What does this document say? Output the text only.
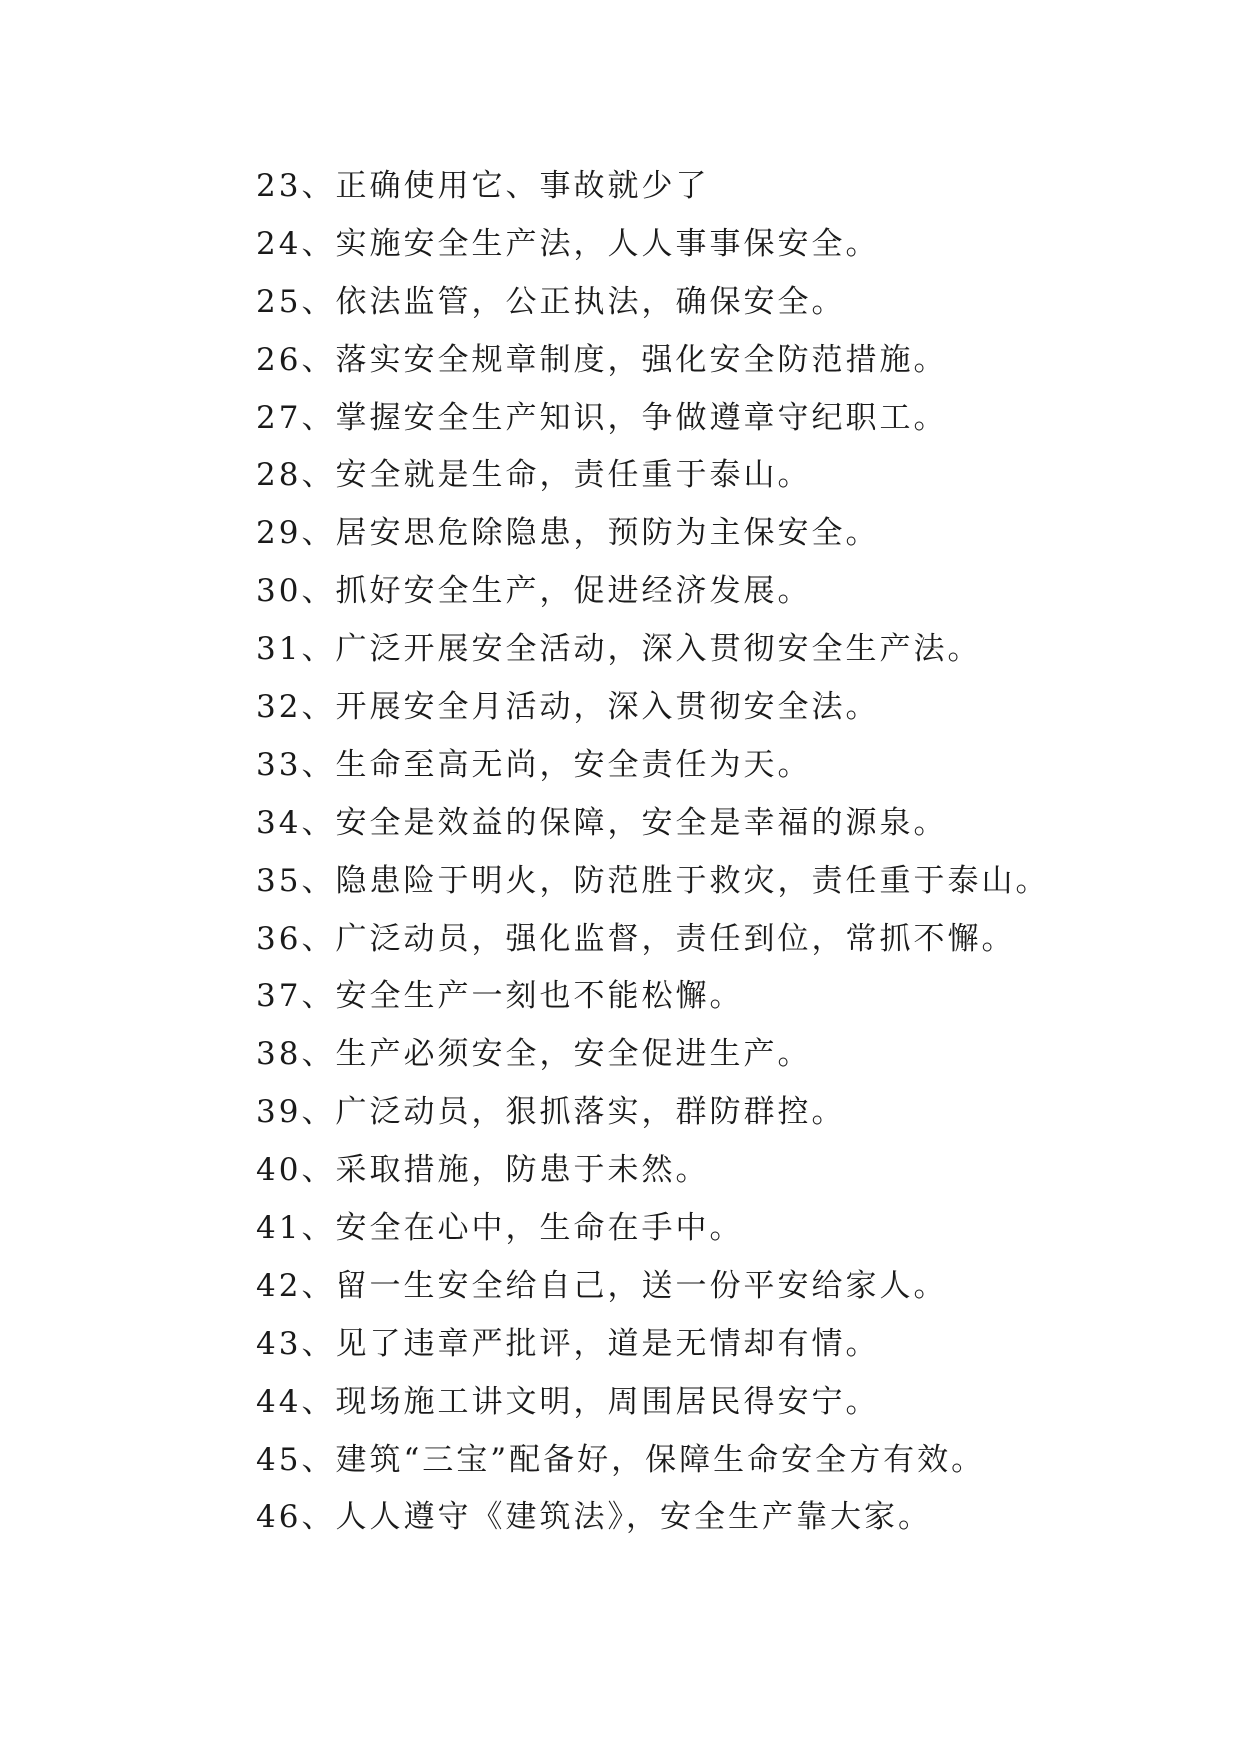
23、正确使用它、事故就少了
24、实施安全生产法，人人事事保安全。
25、依法监管，公正执法，确保安全。
26、落实安全规章制度，强化安全防范措施。
27、掌握安全生产知识，争做遵章守纪职工。
28、安全就是生命，责任重于泰山。
29、居安思危除隐患，预防为主保安全。
30、抓好安全生产，促进经济发展。
31、广泛开展安全活动，深入贯彻安全生产法。
32、开展安全月活动，深入贯彻安全法。
33、生命至高无尚，安全责任为天。
34、安全是效益的保障，安全是幸福的源泉。
35、隐患险于明火，防范胜于救灾，责任重于泰山。
36、广泛动员，强化监督，责任到位，常抓不懈。
37、安全生产一刻也不能松懈。
38、生产必须安全，安全促进生产。
39、广泛动员，狠抓落实，群防群控。
40、采取措施，防患于未然。
41、安全在心中，生命在手中。
42、留一生安全给自己，送一份平安给家人。
43、见了违章严批评，道是无情却有情。
44、现场施工讲文明，周围居民得安宁。
45、建筑“三宝”配备好，保障生命安全方有效。
46、人人遵守《建筑法》，安全生产靠大家。
